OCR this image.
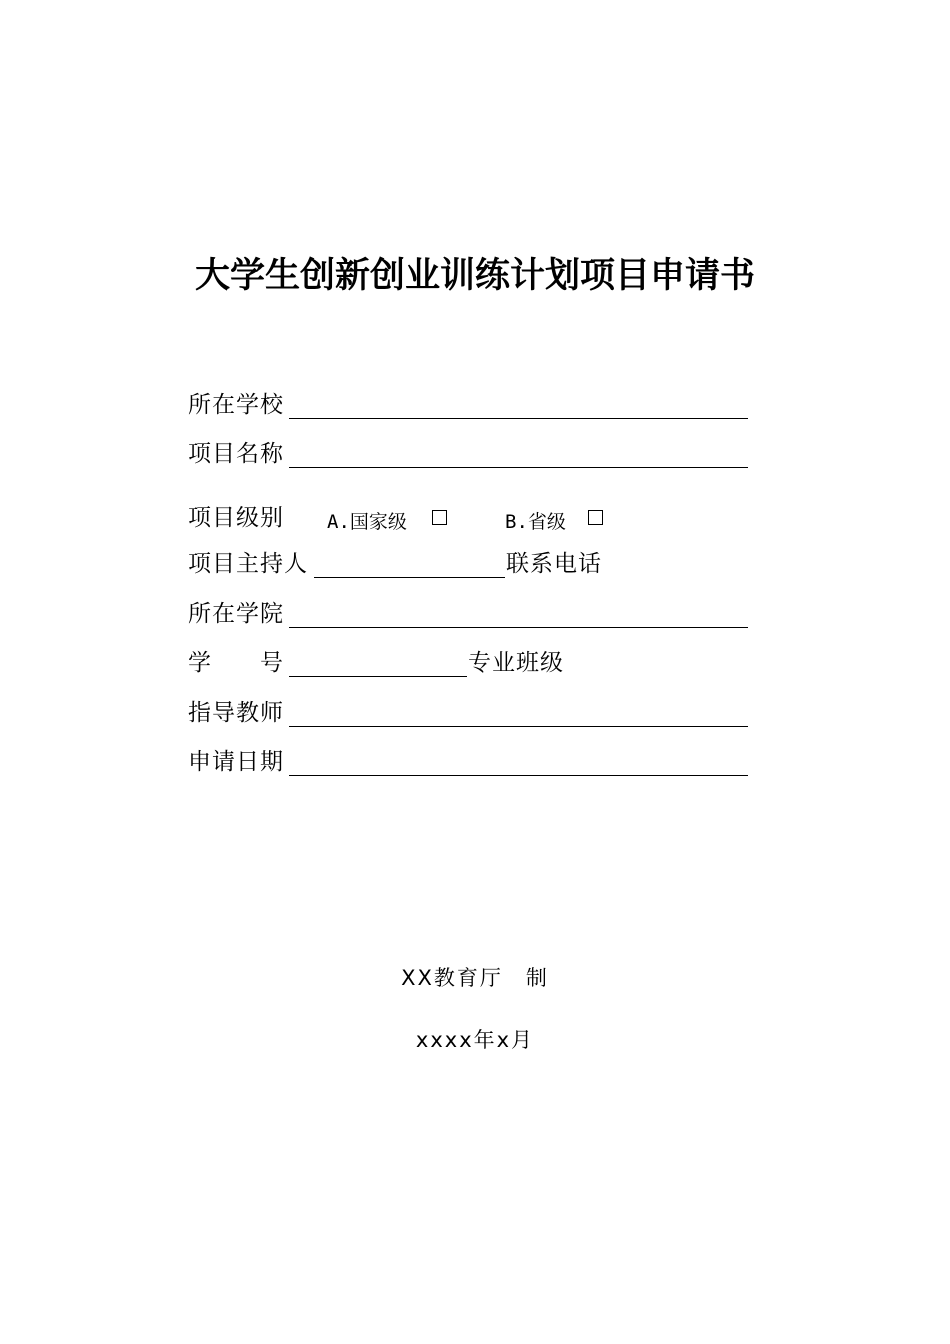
大学生创新创业训练计划项目申请书
所在学校
项目名称
项目级别 A.国家级	B.省级
项目主持人	联系电话
所在学院
学　　号	专业班级
指导教师
申请日期
XX教育厅　制
xxxx年x月
